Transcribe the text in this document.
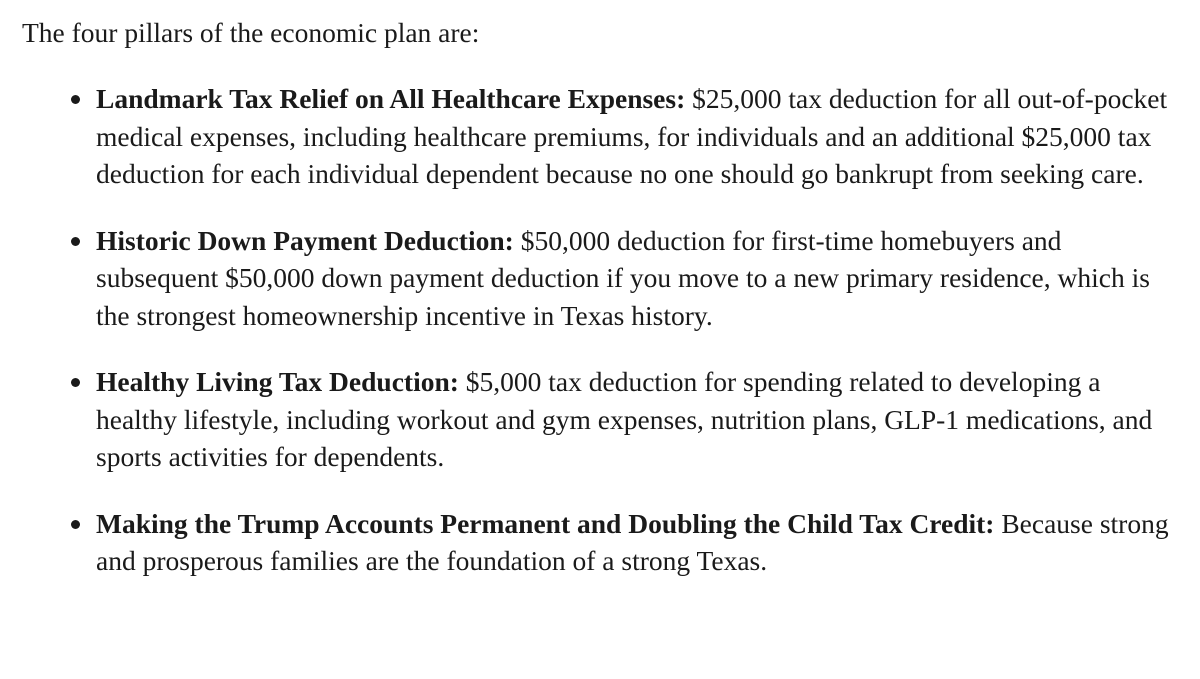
The four pillars of the economic plan are:

Landmark Tax Relief on All Healthcare Expenses: $25,000 tax deduction for all out-of-pocket medical expenses, including healthcare premiums, for individuals and an additional $25,000 tax deduction for each individual dependent because no one should go bankrupt from seeking care.
Historic Down Payment Deduction: $50,000 deduction for first-time homebuyers and subsequent $50,000 down payment deduction if you move to a new primary residence, which is the strongest homeownership incentive in Texas history.
Healthy Living Tax Deduction: $5,000 tax deduction for spending related to developing a healthy lifestyle, including workout and gym expenses, nutrition plans, GLP-1 medications, and sports activities for dependents.
Making the Trump Accounts Permanent and Doubling the Child Tax Credit: Because strong and prosperous families are the foundation of a strong Texas.
